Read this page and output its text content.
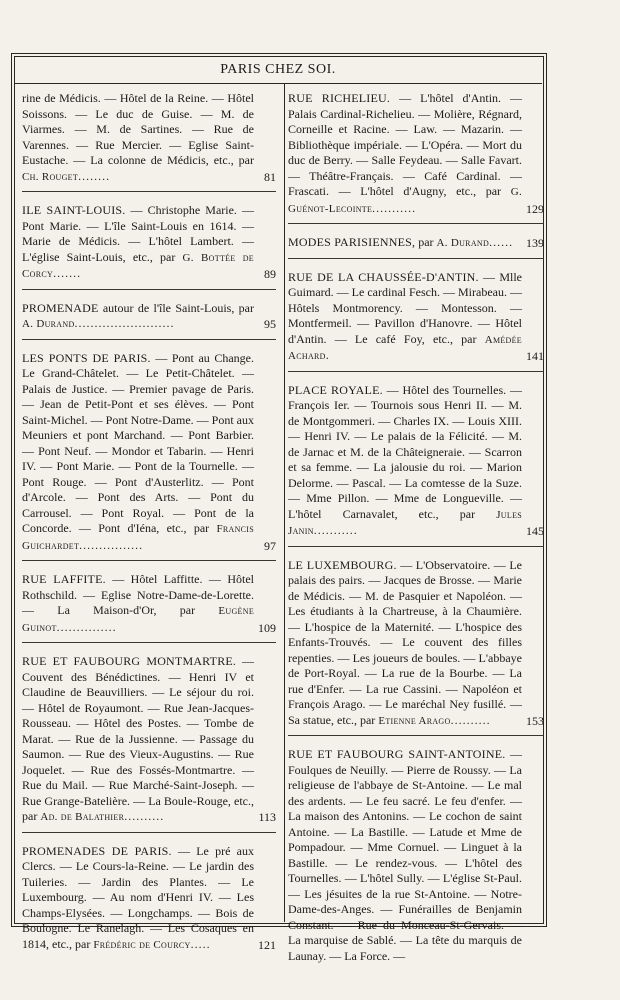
PARIS CHEZ SOI.
rine de Médicis. — Hôtel de la Reine. — Hôtel Soissons. — Le duc de Guise. — M. de Viarmes. — M. de Sartines. — Rue de Varennes. — Rue Mercier. — Eglise Saint-Eustache. — La colonne de Médicis, etc., par Ch. Rouget........	81
ILE SAINT-LOUIS. — Christophe Marie. — Pont Marie. — L'île Saint-Louis en 1614. — Marie de Médicis. — L'hôtel Lambert. — L'église Saint-Louis, etc., par G. Bottée de Corcy.......	89
PROMENADE autour de l'île Saint-Louis, par A. Durand.........................	95
LES PONTS DE PARIS. — Pont au Change. Le Grand-Châtelet. — Le Petit-Châtelet. — Palais de Justice. — Premier pavage de Paris. — Jean de Petit-Pont et ses élèves. — Pont Saint-Michel. — Pont Notre-Dame. — Pont aux Meuniers et pont Marchand. — Pont Barbier. — Pont Neuf. — Mondor et Tabarin. — Henri IV. — Pont Marie. — Pont de la Tournelle. — Pont Rouge. — Pont d'Austerlitz. — Pont d'Arcole. — Pont des Arts. — Pont du Carrousel. — Pont Royal. — Pont de la Concorde. — Pont d'Iéna, etc., par Francis Guichardet................	97
RUE LAFFITE. — Hôtel Laffitte. — Hôtel Rothschild. — Eglise Notre-Dame-de-Lorette. — La Maison-d'Or, par Eugène Guinot...............	109
RUE ET FAUBOURG MONTMARTRE. — Couvent des Bénédictines. — Henri IV et Claudine de Beauvilliers. — Le séjour du roi. — Hôtel de Royaumont. — Rue Jean-Jacques-Rousseau. — Hôtel des Postes. — Tombe de Marat. — Rue de la Jussienne. — Passage du Saumon. — Rue des Vieux-Augustins. — Rue Joquelet. — Rue des Fossés-Montmartre. — Rue du Mail. — Rue Marché-Saint-Joseph. — Rue Grange-Batelière. — La Boule-Rouge, etc., par Ad. de Balathier..........	113
PROMENADES DE PARIS. — Le pré aux Clercs. — Le Cours-la-Reine. — Le jardin des Tuileries. — Jardin des Plantes. — Le Luxembourg. — Au nom d'Henri IV. — Les Champs-Elysées. — Longchamps. — Bois de Boulogne. Le Ranelagh. — Les Cosaques en 1814, etc., par Frédéric de Courcy.....	121
RUE RICHELIEU. — L'hôtel d'Antin. — Palais Cardinal-Richelieu. — Molière, Régnard, Corneille et Racine. — Law. — Mazarin. — Bibliothèque impériale. — L'Opéra. — Mort du duc de Berry. — Salle Feydeau. — Salle Favart. — Théâtre-Français. — Café Cardinal. — Frascati. — L'hôtel d'Augny, etc., par G. Guénot-Lecointe...........	129
MODES PARISIENNES, par A. Durand...... 139
RUE DE LA CHAUSSÉE-D'ANTIN. — Mlle Guimard. — Le cardinal Fesch. — Mirabeau. — Hôtels Montmorency. — Montesson. — Montfermeil. — Pavillon d'Hanovre. — Hôtel d'Antin. — Le café Foy, etc., par Amédée Achard.	141
PLACE ROYALE. — Hôtel des Tournelles. — François Ier. — Tournois sous Henri II. — M. de Montgommeri. — Charles IX. — Louis XIII. — Henri IV. — Le palais de la Félicité. — M. de Jarnac et M. de la Châteigneraie. — Scarron et sa femme. — La jalousie du roi. — Marion Delorme. — Pascal. — La comtesse de la Suze. — Mme Pillon. — Mme de Longueville. — L'hôtel Carnavalet, etc., par Jules Janin...........	145
LE LUXEMBOURG. — L'Observatoire. — Le palais des pairs. — Jacques de Brosse. — Marie de Médicis. — M. de Pasquier et Napoléon. — Les étudiants à la Chartreuse, à la Chaumière. — L'hospice de la Maternité. — L'hospice des Enfants-Trouvés. — Le couvent des filles repenties. — Les joueurs de boules. — L'abbaye de Port-Royal. — La rue de la Bourbe. — La rue d'Enfer. — La rue Cassini. — Napoléon et François Arago. — Le maréchal Ney fusillé. — Sa statue, etc., par Etienne Arago..........	153
RUE ET FAUBOURG SAINT-ANTOINE. — Foulques de Neuilly. — Pierre de Roussy. — La religieuse de l'abbaye de St-Antoine. — Le mal des ardents. — Le feu sacré. Le feu d'enfer. — La maison des Antonins. — Le cochon de saint Antoine. — La Bastille. — Latude et Mme de Pompadour. — Mme Cornuel. — Linguet à la Bastille. — Le rendez-vous. — L'hôtel des Tournelles. — L'hôtel Sully. — L'église St-Paul. — Les jésuites de la rue St-Antoine. — Notre-Dame-des-Anges. — Funérailles de Benjamin Constant. — Rue du Monceau-St-Gervais. — La marquise de Sablé. — La tête du marquis de Launay. — La Force. —
